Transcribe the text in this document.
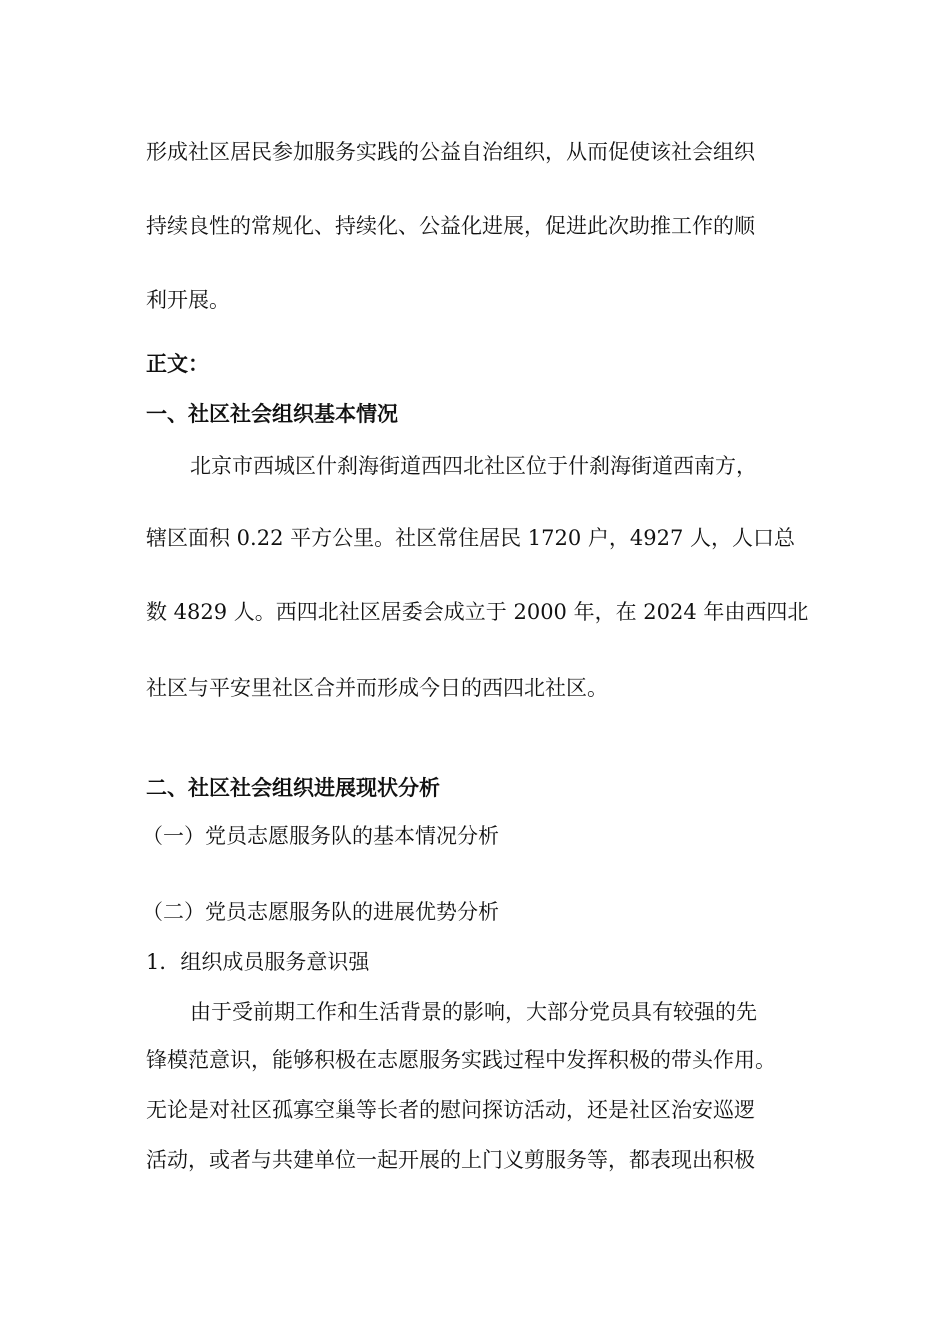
形成社区居民参加服务实践的公益自治组织，从而促使该社会组织
持续良性的常规化、持续化、公益化进展，促进此次助推工作的顺
利开展。
正文：
一、社区社会组织基本情况
北京市西城区什刹海街道西四北社区位于什刹海街道西南方，
辖区面积 0.22 平方公里。社区常住居民 1720 户，4927 人，人口总
数 4829 人。西四北社区居委会成立于 2000 年，在 2024 年由西四北
社区与平安里社区合并而形成今日的西四北社区。
二、社区社会组织进展现状分析
（一）党员志愿服务队的基本情况分析
（二）党员志愿服务队的进展优势分析
1．组织成员服务意识强
由于受前期工作和生活背景的影响，大部分党员具有较强的先
锋模范意识，能够积极在志愿服务实践过程中发挥积极的带头作用。
无论是对社区孤寡空巢等长者的慰问探访活动，还是社区治安巡逻
活动，或者与共建单位一起开展的上门义剪服务等，都表现出积极
